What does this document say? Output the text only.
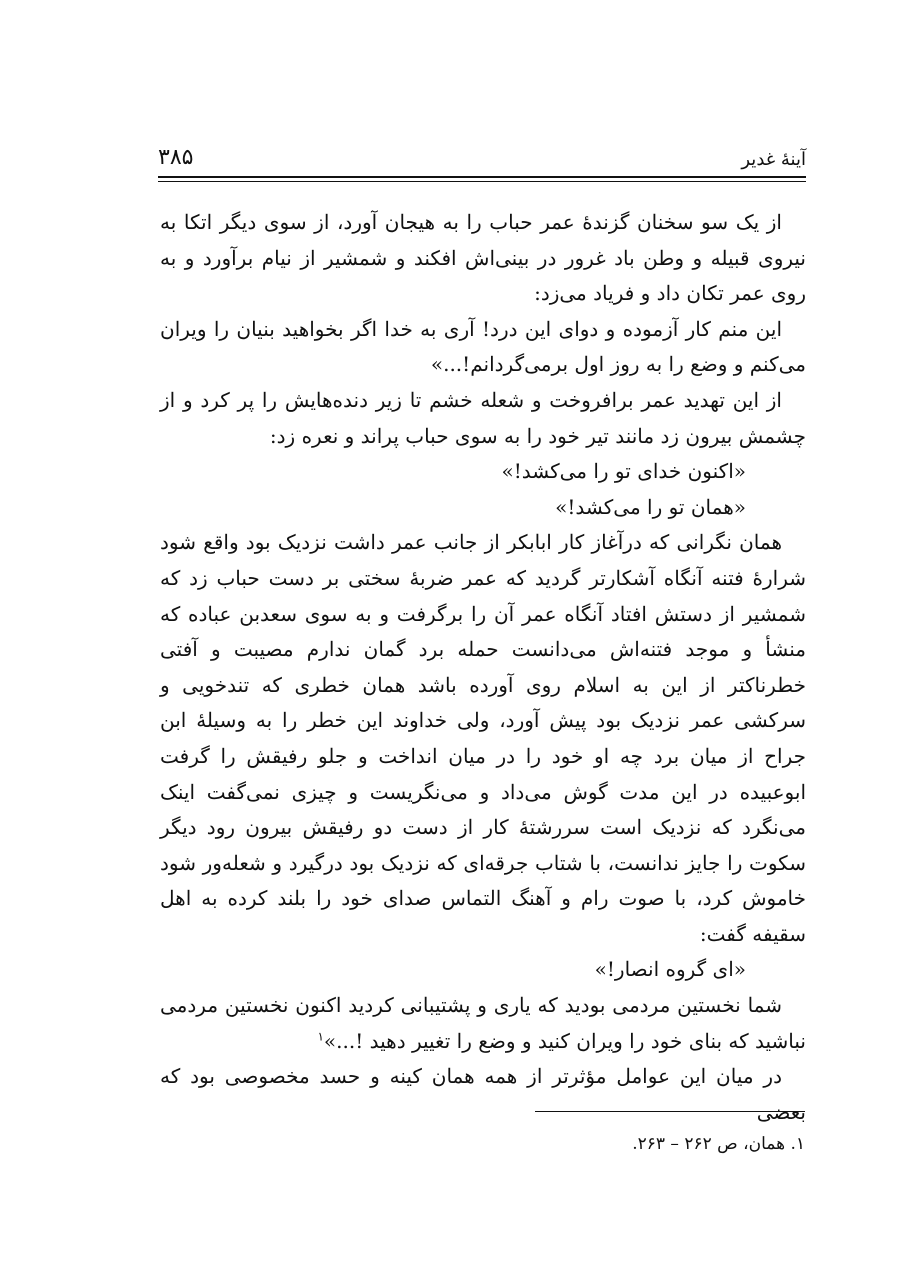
آینهٔ غدیر
۳۸۵

از یک سو سخنان گزندهٔ عمر حباب را به هیجان آورد، از سوی دیگر اتکا به نیروی قبیله و وطن باد غرور در بینی‌اش افکند و شمشیر از نیام برآورد و به روی عمر تکان داد و فریاد می‌زد:

این منم کار آزموده و دوای این درد! آری به خدا اگر بخواهید بنیان را ویران می‌کنم و وضع را به روز اول برمی‌گردانم!...»

از این تهدید عمر برافروخت و شعله خشم تا زیر دنده‌هایش را پر کرد و از چشمش بیرون زد مانند تیر خود را به سوی حباب پراند و نعره زد:

«اکنون خدای تو را می‌کشد!»

«همان تو را می‌کشد!»

همان نگرانی که درآغاز کار ابابکر از جانب عمر داشت نزدیک بود واقع شود شرارهٔ فتنه آنگاه آشکارتر گردید که عمر ضربهٔ سختی بر دست حباب زد که شمشیر از دستش افتاد آنگاه عمر آن را برگرفت و به سوی سعدبن عباده که منشأ و موجد فتنه‌اش می‌دانست حمله برد گمان ندارم مصیبت و آفتی خطرناکتر از این به اسلام روی آورده باشد همان خطری که تندخویی و سرکشی عمر نزدیک بود پیش آورد، ولی خداوند این خطر را به وسیلهٔ ابن جراح از میان برد چه او خود را در میان انداخت و جلو رفیقش را گرفت ابوعبیده در این مدت گوش می‌داد و می‌نگریست و چیزی نمی‌گفت اینک می‌نگرد که نزدیک است سررشتهٔ کار از دست دو رفیقش بیرون رود دیگر سکوت را جایز ندانست، با شتاب جرقه‌ای که نزدیک بود درگیرد و شعله‌ور شود خاموش کرد، با صوت رام و آهنگ التماس صدای خود را بلند کرده به اهل سقیفه گفت:

«ای گروه انصار!»

شما نخستین مردمی بودید که یاری و پشتیبانی کردید اکنون نخستین مردمی نباشید که بنای خود را ویران کنید و وضع را تغییر دهید !...»$^۱$

در میان این عوامل مؤثرتر از همه همان کینه و حسد مخصوصی بود که بعضی

۱. همان، ص ۲۶۲ – ۲۶۳.
